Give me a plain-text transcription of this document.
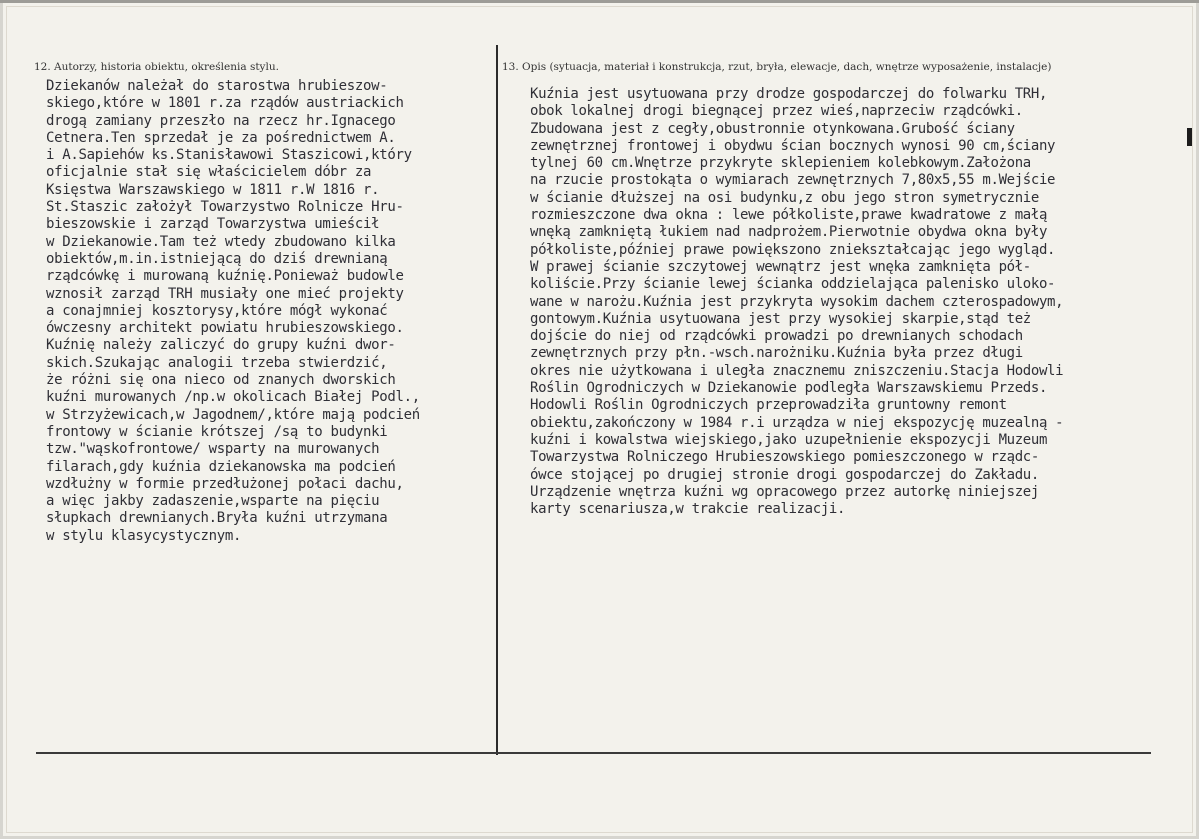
12. Autorzy, historia obiektu, określenia stylu.	13. Opis (sytuacja, materiał i konstrukcja, rzut, bryła, elewacje, dach, wnętrze wyposażenie, instalacje)
Dziekanów należał do starostwa hrubieszow-
skiego,które w 1801 r.za rządów austriackich
drogą zamiany przeszło na rzecz hr.Ignacego
Cetnera.Ten sprzedał je za pośrednictwem A.
i A.Sapiehów ks.Stanisławowi Staszicowi,który
oficjalnie stał się właścicielem dóbr za
Księstwa Warszawskiego w 1811 r.W 1816 r.
St.Staszic założył Towarzystwo Rolnicze Hru-
bieszowskie i zarząd Towarzystwa umieścił
w Dziekanowie.Tam też wtedy zbudowano kilka
obiektów,m.in.istniejącą do dziś drewnianą
rządcówkę i murowaną kuźnię.Ponieważ budowle
wznosił zarząd TRH musiały one mieć projekty
a conajmniej kosztorysy,które mógł wykonać
ówczesny architekt powiatu hrubieszowskiego.
Kuźnię należy zaliczyć do grupy kuźni dwor-
skich.Szukając analogii trzeba stwierdzić,
że różni się ona nieco od znanych dworskich
kuźni murowanych /np.w okolicach Białej Podl.,
w Strzyżewicach,w Jagodnem/,które mają podcień
frontowy w ścianie krótszej /są to budynki
tzw."wąskofrontowe/ wsparty na murowanych
filarach,gdy kuźnia dziekanowska ma podcień
wzdłużny w formie przedłużonej połaci dachu,
a więc jakby zadaszenie,wsparte na pięciu
słupkach drewnianych.Bryła kuźni utrzymana
w stylu klasycystycznym.
Kuźnia jest usytuowana przy drodze gospodarczej do folwarku TRH,
obok lokalnej drogi biegnącej przez wieś,naprzeciw rządcówki.
Zbudowana jest z cegły,obustronnie otynkowana.Grubość ściany
zewnętrznej frontowej i obydwu ścian bocznych wynosi 90 cm,ściany
tylnej 60 cm.Wnętrze przykryte sklepieniem kolebkowym.Założona
na rzucie prostokąta o wymiarach zewnętrznych 7,80x5,55 m.Wejście
w ścianie dłuższej na osi budynku,z obu jego stron symetrycznie
rozmieszczone dwa okna : lewe półkoliste,prawe kwadratowe z małą
wnęką zamkniętą łukiem nad nadprożem.Pierwotnie obydwa okna były
półkoliste,później prawe powiększono zniekształcając jego wygląd.
W prawej ścianie szczytowej wewnątrz jest wnęka zamknięta pół-
koliście.Przy ścianie lewej ścianka oddzielająca palenisko uloko-
wane w narożu.Kuźnia jest przykryta wysokim dachem czterospadowym,
gontowym.Kuźnia usytuowana jest przy wysokiej skarpie,stąd też
dojście do niej od rządcówki prowadzi po drewnianych schodach
zewnętrznych przy płn.-wsch.narożniku.Kuźnia była przez długi
okres nie użytkowana i uległa znacznemu zniszczeniu.Stacja Hodowli
Roślin Ogrodniczych w Dziekanowie podległa Warszawskiemu Przeds.
Hodowli Roślin Ogrodniczych przeprowadziła gruntowny remont
obiektu,zakończony w 1984 r.i urządza w niej ekspozycję muzealną -
kuźni i kowalstwa wiejskiego,jako uzupełnienie ekspozycji Muzeum
Towarzystwa Rolniczego Hrubieszowskiego pomieszczonego w rządc-
ówce stojącej po drugiej stronie drogi gospodarczej do Zakładu.
Urządzenie wnętrza kuźni wg opracowego przez autorkę niniejszej
karty scenariusza,w trakcie realizacji.
